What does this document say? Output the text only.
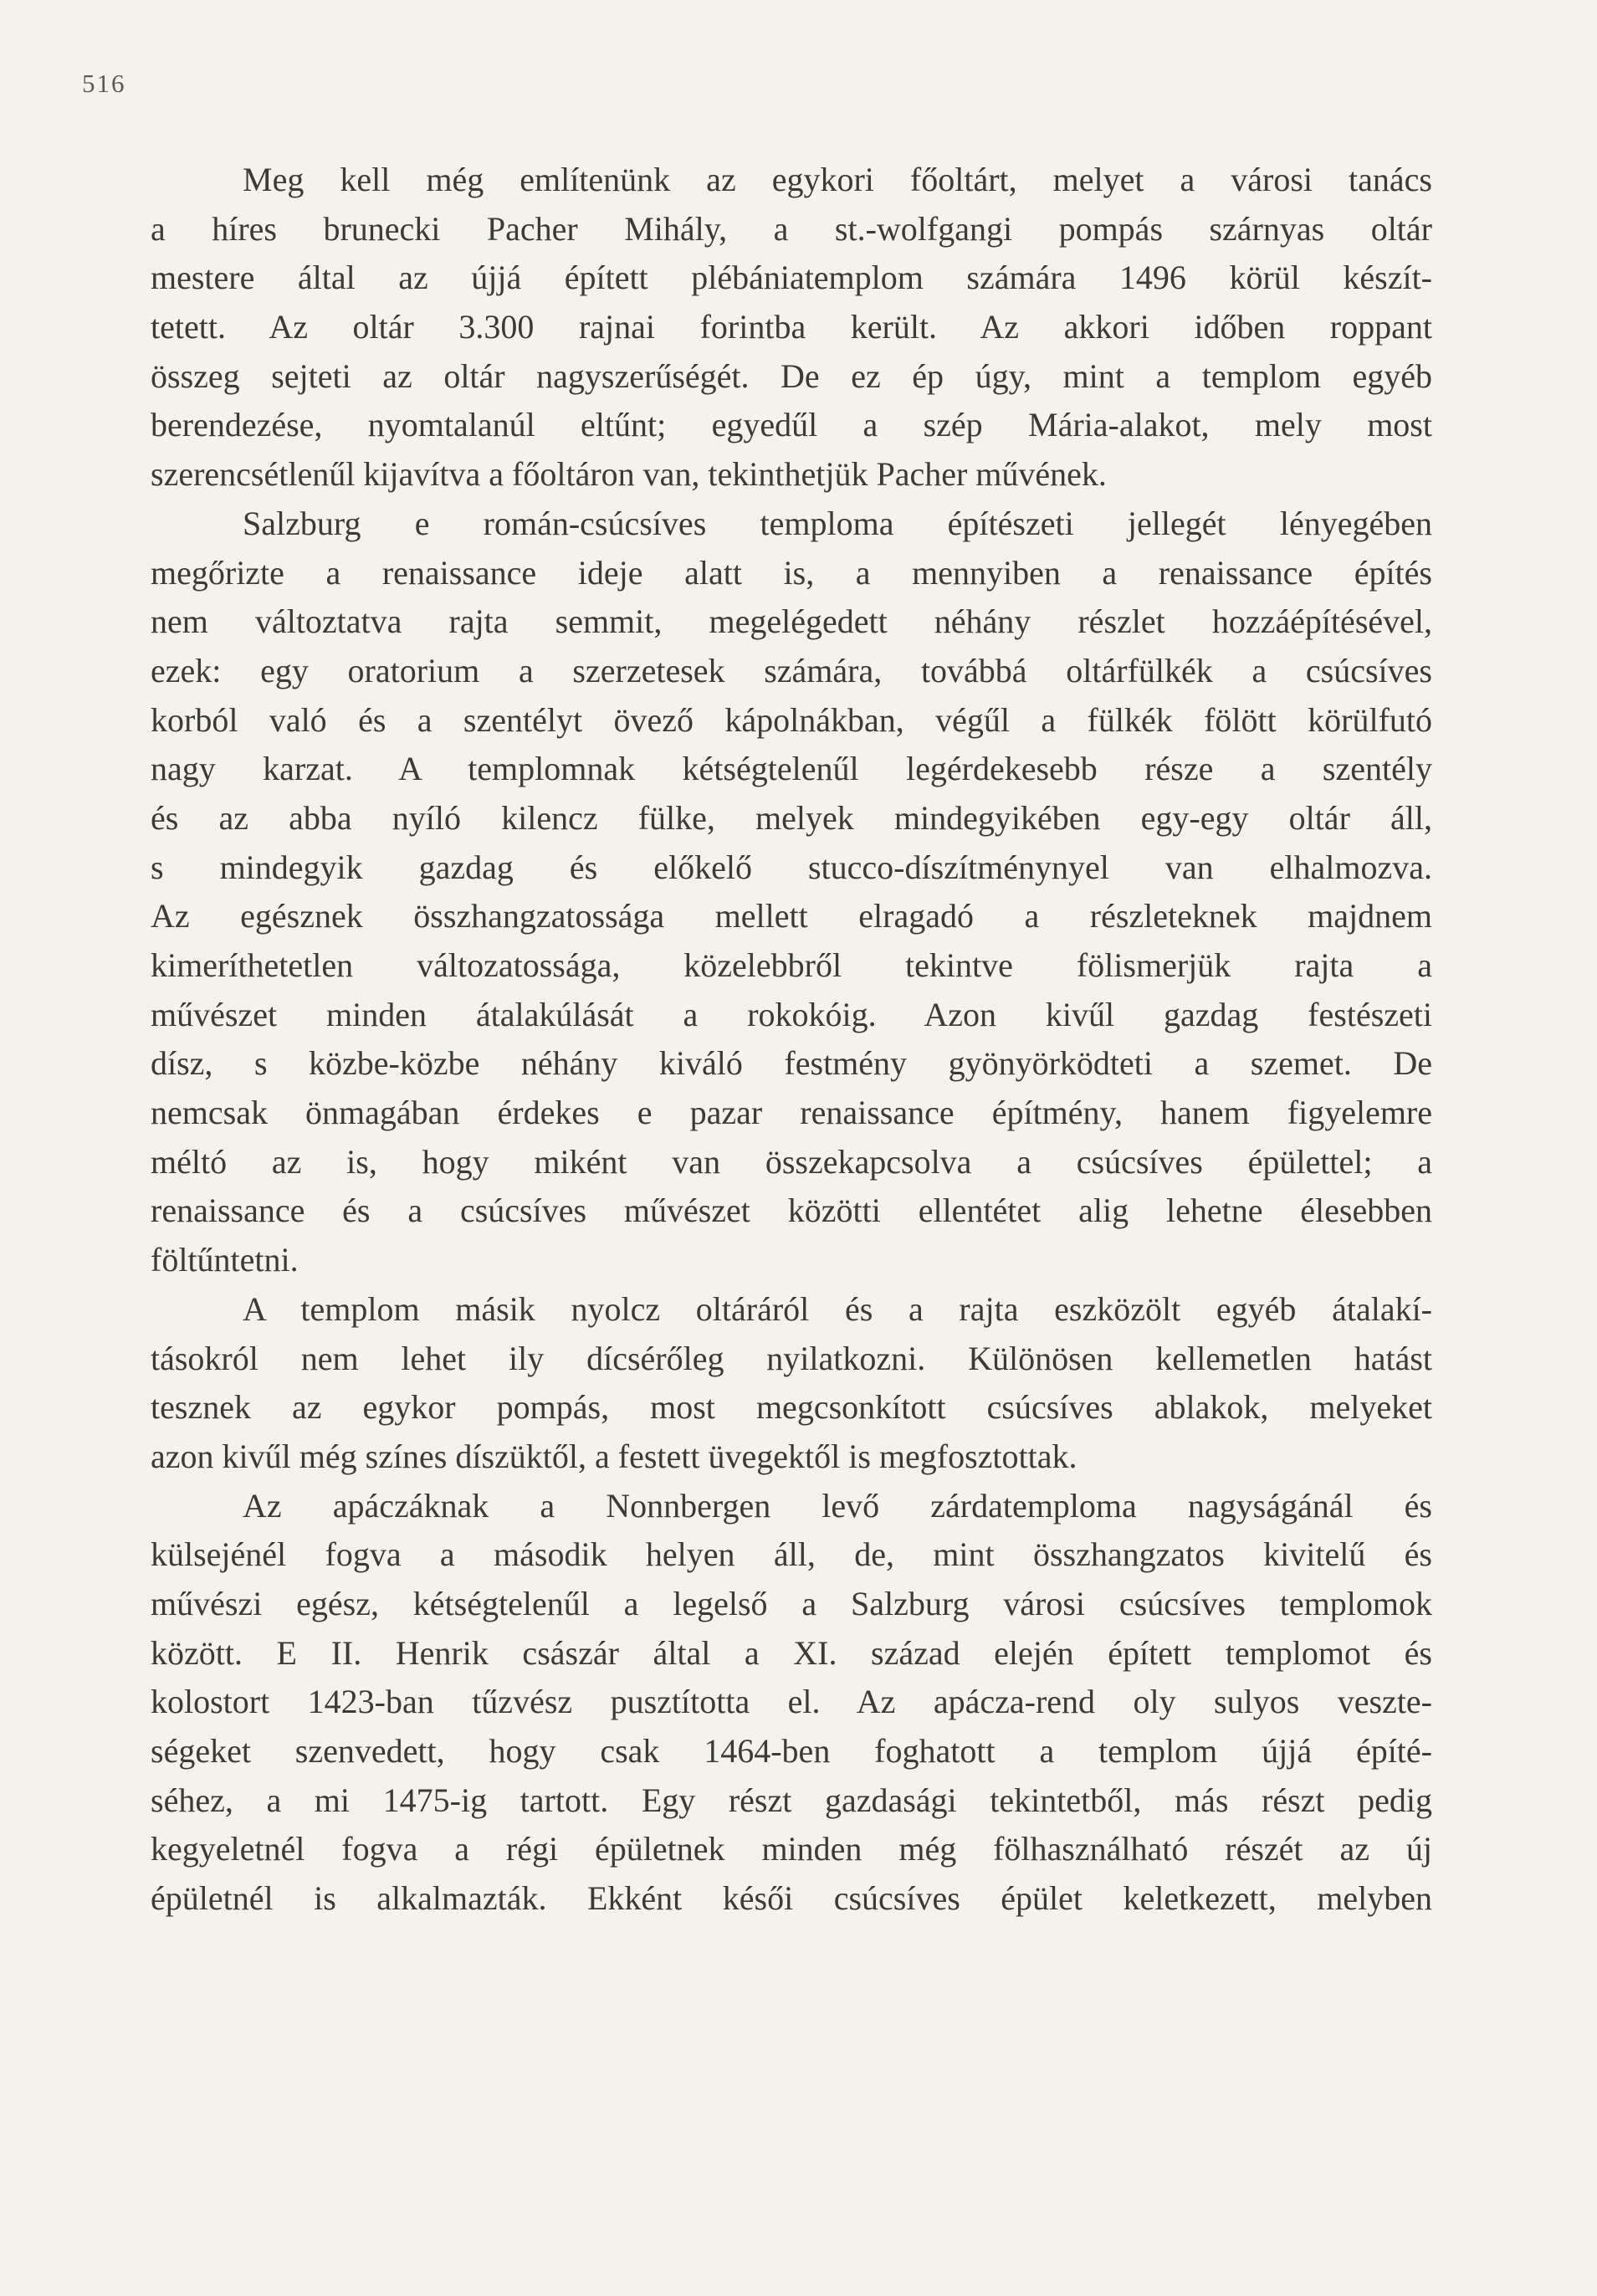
516
Meg kell még említenünk az egykori főoltárt, melyet a városi tanács
a híres brunecki Pacher Mihály, a st.-wolfgangi pompás szárnyas oltár
mestere által az újjá épített plébániatemplom számára 1496 körül készít-
tetett. Az oltár 3.300 rajnai forintba került. Az akkori időben roppant
összeg sejteti az oltár nagyszerűségét. De ez ép úgy, mint a templom egyéb
berendezése, nyomtalanúl eltűnt; egyedűl a szép Mária-alakot, mely most
szerencsétlenűl kijavítva a főoltáron van, tekinthetjük Pacher művének.
Salzburg e román-csúcsíves temploma építészeti jellegét lényegében
megőrizte a renaissance ideje alatt is, a mennyiben a renaissance építés
nem változtatva rajta semmit, megelégedett néhány részlet hozzáépítésével,
ezek: egy oratorium a szerzetesek számára, továbbá oltárfülkék a csúcsíves
korból való és a szentélyt övező kápolnákban, végűl a fülkék fölött körülfutó
nagy karzat. A templomnak kétségtelenűl legérdekesebb része a szentély
és az abba nyíló kilencz fülke, melyek mindegyikében egy-egy oltár áll,
s mindegyik gazdag és előkelő stucco-díszítménynyel van elhalmozva.
Az egésznek összhangzatossága mellett elragadó a részleteknek majdnem
kimeríthetetlen változatossága, közelebbről tekintve fölismerjük rajta a
művészet minden átalakúlását a rokokóig. Azon kivűl gazdag festészeti
dísz, s közbe-közbe néhány kiváló festmény gyönyörködteti a szemet. De
nemcsak önmagában érdekes e pazar renaissance építmény, hanem figyelemre
méltó az is, hogy miként van összekapcsolva a csúcsíves épülettel; a
renaissance és a csúcsíves művészet közötti ellentétet alig lehetne élesebben
föltűntetni.
A templom másik nyolcz oltáráról és a rajta eszközölt egyéb átalakí-
tásokról nem lehet ily dícsérőleg nyilatkozni. Különösen kellemetlen hatást
tesznek az egykor pompás, most megcsonkított csúcsíves ablakok, melyeket
azon kivűl még színes díszüktől, a festett üvegektől is megfosztottak.
Az apáczáknak a Nonnbergen levő zárdatemploma nagyságánál és
külsejénél fogva a második helyen áll, de, mint összhangzatos kivitelű és
művészi egész, kétségtelenűl a legelső a Salzburg városi csúcsíves templomok
között. E II. Henrik császár által a XI. század elején épített templomot és
kolostort 1423-ban tűzvész pusztította el. Az apácza-rend oly sulyos veszte-
ségeket szenvedett, hogy csak 1464-ben foghatott a templom újjá építé-
séhez, a mi 1475-ig tartott. Egy részt gazdasági tekintetből, más részt pedig
kegyeletnél fogva a régi épületnek minden még fölhasználható részét az új
épületnél is alkalmazták. Ekként késői csúcsíves épület keletkezett, melyben
